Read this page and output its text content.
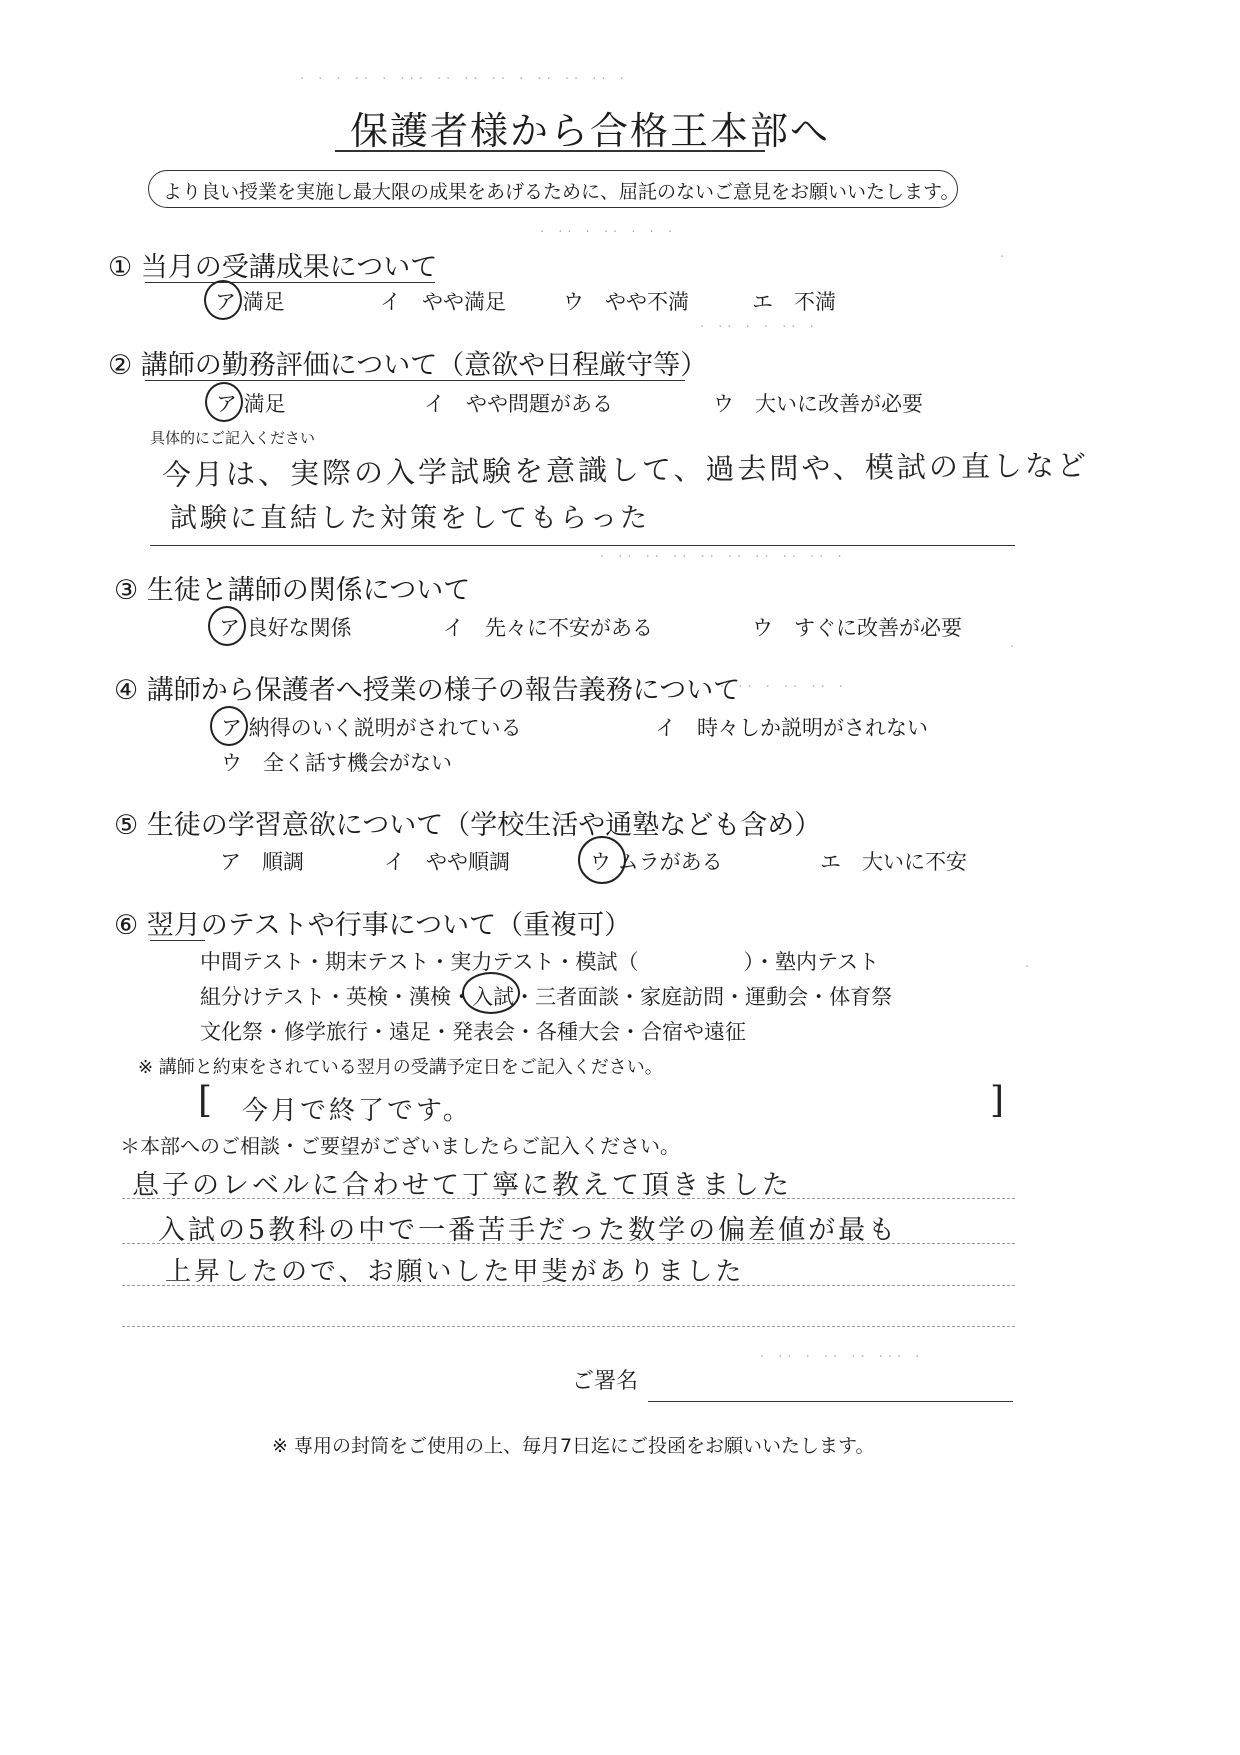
· · · ·· · ··· ·· ·· ·· · ·· ·· ·· ·
保護者様から合格王本部へ
より良い授業を実施し最大限の成果をあげるために、屈託のないご意見をお願いいたします。
① 当月の受講成果について
ア 満足	イ　やや満足	ウ　やや不満	エ　不満
· ·· · ·· · · ·
· ·· · · ·· ·
② 講師の勤務評価について（意欲や日程厳守等）
ア 満足	イ　やや問題がある	ウ　大いに改善が必要
具体的にご記入ください
今月は、実際の入学試験を意識して、過去問や、模試の直しなど
試験に直結した対策をしてもらった
· ·· ·· ·· ·· ·· ·· ·· ·· ·
③ 生徒と講師の関係について
ア 良好な関係	イ　先々に不安がある	ウ　すぐに改善が必要
④ 講師から保護者へ授業の様子の報告義務について
ア 納得のいく説明がされている	イ　時々しか説明がされない
ウ　全く話す機会がない
· ·· · ·· ·· ·
⑤ 生徒の学習意欲について（学校生活や通塾なども含め）
ア　順調	イ　やや順調	ウ ムラがある	エ　大いに不安
⑥ 翌月のテストや行事について（重複可）
中間テスト・期末テスト・実力テスト・模試（　　　　　）・塾内テスト
組分けテスト・英検・漢検・入試・三者面談・家庭訪問・運動会・体育祭
文化祭・修学旅行・遠足・発表会・各種大会・合宿や遠征
※ 講師と約束をされている翌月の受講予定日をご記入ください。
[ 今月で終了です。	]
＊本部へのご相談・ご要望がございましたらご記入ください。
息子のレベルに合わせて丁寧に教えて頂きました
入試の5教科の中で一番苦手だった数学の偏差値が最も
上昇したので、お願いした甲斐がありました
· ·· · ·· ·· ··· ·
ご署名
※ 専用の封筒をご使用の上、毎月7日迄にご投函をお願いいたします。
·
·
·
